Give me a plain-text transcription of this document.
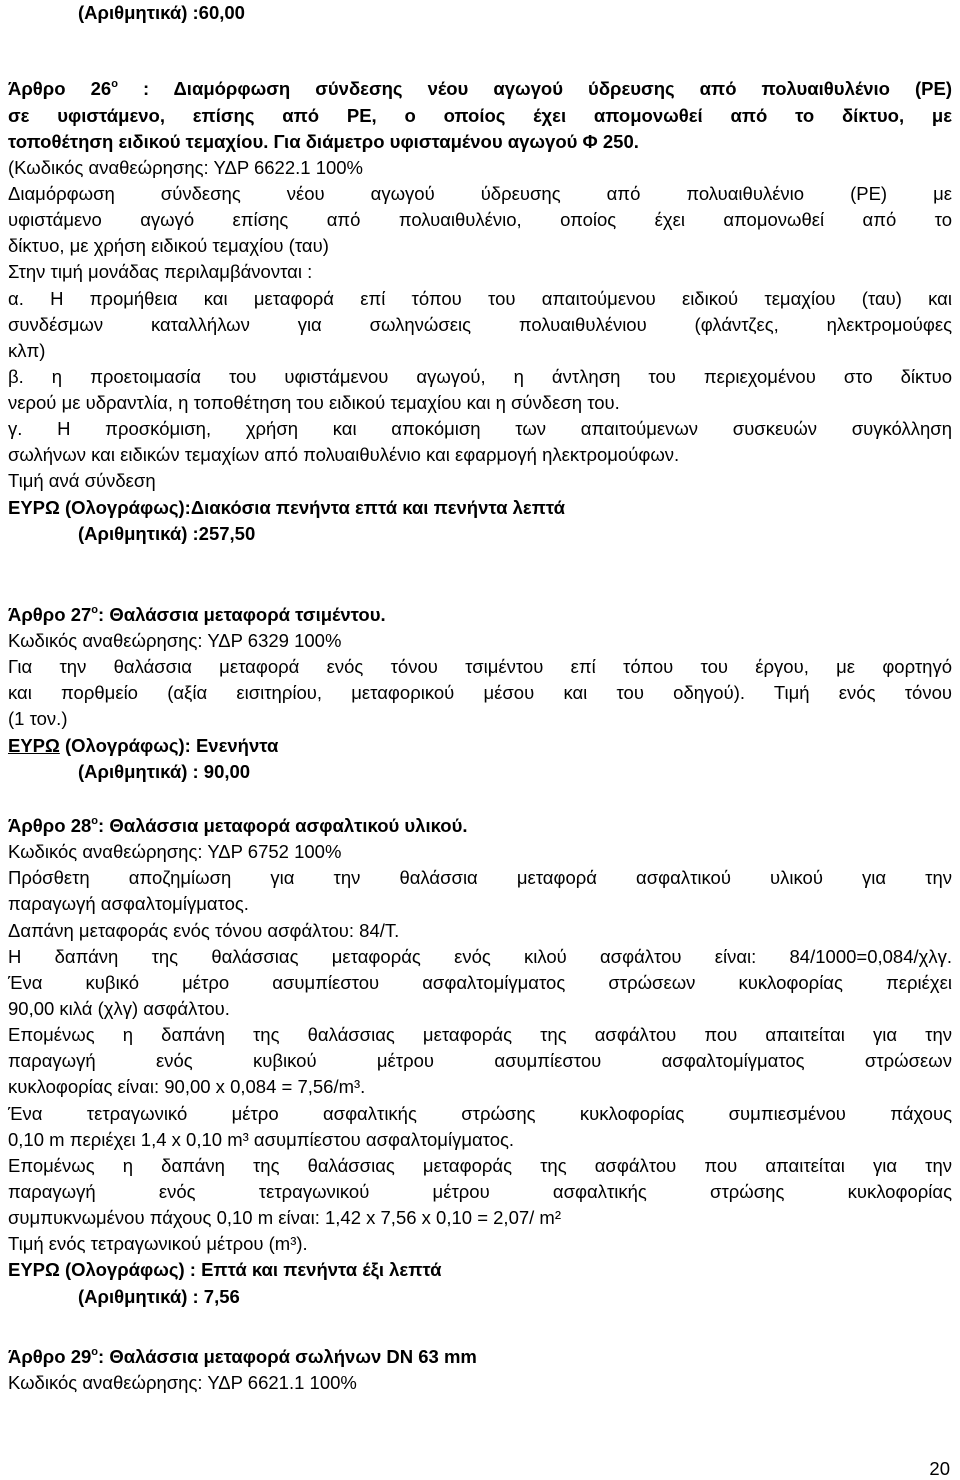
(Αριθμητικά) :60,00
Άρθρο $26^o$ : Διαμόρφωση σύνδεσης νέου αγωγού ύδρευσης από πολυαιθυλένιο (ΡΕ)
σε υφιστάμενο, επίσης από ΡΕ, ο οποίος έχει απομονωθεί από το δίκτυο, με
τοποθέτηση ειδικού τεμαχίου. Για διάμετρο υφισταμένου αγωγού Φ 250.
(Κωδικός αναθεώρησης: ΥΔΡ 6622.1 100%
Διαμόρφωση σύνδεσης νέου αγωγού ύδρευσης από πολυαιθυλένιο (ΡΕ) με
υφιστάμενο αγωγό επίσης από πολυαιθυλένιο, οποίος έχει απομονωθεί από το
δίκτυο, με χρήση ειδικού τεμαχίου (ταυ)
Στην τιμή μονάδας περιλαμβάνονται :
α. Η προμήθεια και μεταφορά επί τόπου του απαιτούμενου ειδικού τεμαχίου (ταυ) και
συνδέσμων καταλλήλων για σωληνώσεις πολυαιθυλένιου (φλάντζες, ηλεκτρομούφες
κλπ)
β. η προετοιμασία του υφιστάμενου αγωγού, η άντληση του περιεχομένου στο δίκτυο
νερού με υδραντλία, η τοποθέτηση του ειδικού τεμαχίου και η σύνδεση του.
γ. Η προσκόμιση, χρήση και αποκόμιση των απαιτούμενων συσκευών συγκόλληση
σωλήνων και ειδικών τεμαχίων από πολυαιθυλένιο και εφαρμογή ηλεκτρομούφων.
Τιμή ανά σύνδεση
ΕΥΡΩ (Ολογράφως):Διακόσια πενήντα επτά και πενήντα λεπτά
(Αριθμητικά) :257,50
Άρθρο $27^o$: Θαλάσσια μεταφορά τσιμέντου.
Κωδικός αναθεώρησης: ΥΔΡ 6329 100%
Για την θαλάσσια μεταφορά ενός τόνου τσιμέντου επί τόπου του έργου, με φορτηγό
και πορθμείο (αξία εισιτηρίου, μεταφορικού μέσου και του οδηγού). Τιμή ενός τόνου
(1 τον.)
ΕΥΡΩ (Ολογράφως): Ενενήντα
(Αριθμητικά) : 90,00
Άρθρο $28^o$: Θαλάσσια μεταφορά ασφαλτικού υλικού.
Κωδικός αναθεώρησης: ΥΔΡ 6752 100%
Πρόσθετη αποζημίωση για την θαλάσσια μεταφορά ασφαλτικού υλικού για την
παραγωγή ασφαλτομίγματος.
Δαπάνη μεταφοράς ενός τόνου ασφάλτου: 84/Τ.
Η δαπάνη της θαλάσσιας μεταφοράς ενός κιλού ασφάλτου είναι: 84/1000=0,084/χλγ.
Ένα κυβικό μέτρο ασυμπίεστου ασφαλτομίγματος στρώσεων κυκλοφορίας περιέχει
90,00 κιλά (χλγ) ασφάλτου.
Επομένως η δαπάνη της θαλάσσιας μεταφοράς της ασφάλτου που απαιτείται για την
παραγωγή ενός κυβικού μέτρου ασυμπίεστου ασφαλτομίγματος στρώσεων
κυκλοφορίας είναι: 90,00 x 0,084 = 7,56/m³.
Ένα τετραγωνικό μέτρο ασφαλτικής στρώσης κυκλοφορίας συμπιεσμένου πάχους
0,10 m περιέχει 1,4 x 0,10 m³ ασυμπίεστου ασφαλτομίγματος.
Επομένως η δαπάνη της θαλάσσιας μεταφοράς της ασφάλτου που απαιτείται για την
παραγωγή ενός τετραγωνικού μέτρου ασφαλτικής στρώσης κυκλοφορίας
συμπυκνωμένου πάχους 0,10 m είναι: 1,42 x 7,56 x 0,10 = 2,07/ m²
Τιμή ενός τετραγωνικού μέτρου (m³).
ΕΥΡΩ (Ολογράφως) : Επτά και πενήντα έξι λεπτά
(Αριθμητικά) : 7,56
Άρθρο $29^o$: Θαλάσσια μεταφορά σωλήνων DN 63 mm
Κωδικός αναθεώρησης: ΥΔΡ 6621.1 100%
20
